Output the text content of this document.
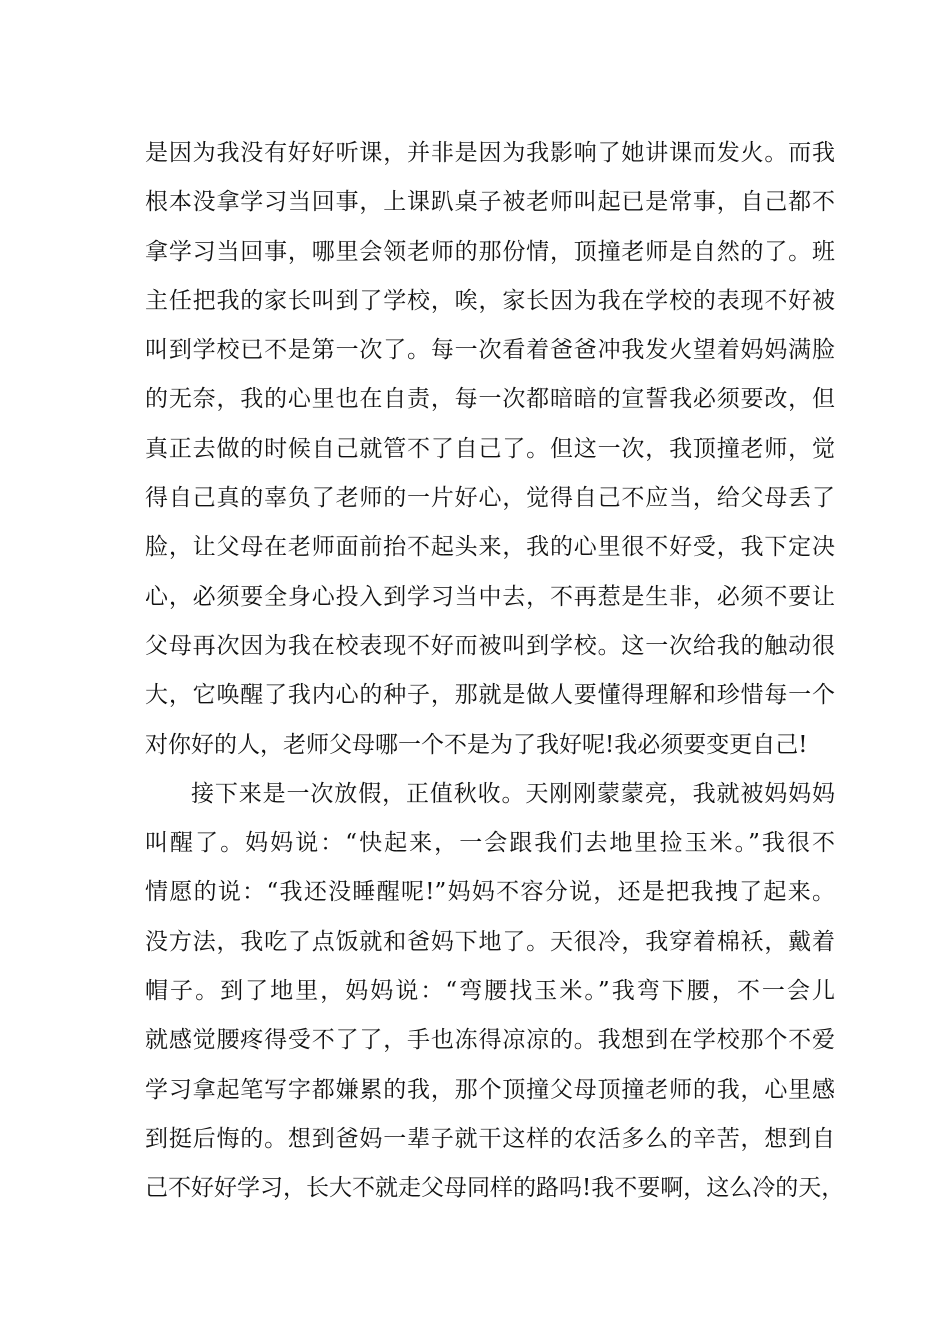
是因为我没有好好听课，并非是因为我影响了她讲课而发火。而我
根本没拿学习当回事，上课趴桌子被老师叫起已是常事，自己都不
拿学习当回事，哪里会领老师的那份情，顶撞老师是自然的了。班
主任把我的家长叫到了学校，唉，家长因为我在学校的表现不好被
叫到学校已不是第一次了。每一次看着爸爸冲我发火望着妈妈满脸
的无奈，我的心里也在自责，每一次都暗暗的宣誓我必须要改，但
真正去做的时候自己就管不了自己了。但这一次，我顶撞老师，觉
得自己真的辜负了老师的一片好心，觉得自己不应当，给父母丢了
脸，让父母在老师面前抬不起头来，我的心里很不好受，我下定决
心，必须要全身心投入到学习当中去，不再惹是生非，必须不要让
父母再次因为我在校表现不好而被叫到学校。这一次给我的触动很
大，它唤醒了我内心的种子，那就是做人要懂得理解和珍惜每一个
对你好的人，老师父母哪一个不是为了我好呢!我必须要变更自己!
接下来是一次放假，正值秋收。天刚刚蒙蒙亮，我就被妈妈妈
叫醒了。妈妈说：“快起来，一会跟我们去地里捡玉米。”我很不
情愿的说：“我还没睡醒呢!”妈妈不容分说，还是把我拽了起来。
没方法，我吃了点饭就和爸妈下地了。天很冷，我穿着棉袄，戴着
帽子。到了地里，妈妈说：“弯腰找玉米。”我弯下腰，不一会儿
就感觉腰疼得受不了了，手也冻得凉凉的。我想到在学校那个不爱
学习拿起笔写字都嫌累的我，那个顶撞父母顶撞老师的我，心里感
到挺后悔的。想到爸妈一辈子就干这样的农活多么的辛苦，想到自
己不好好学习，长大不就走父母同样的路吗!我不要啊，这么冷的天，
